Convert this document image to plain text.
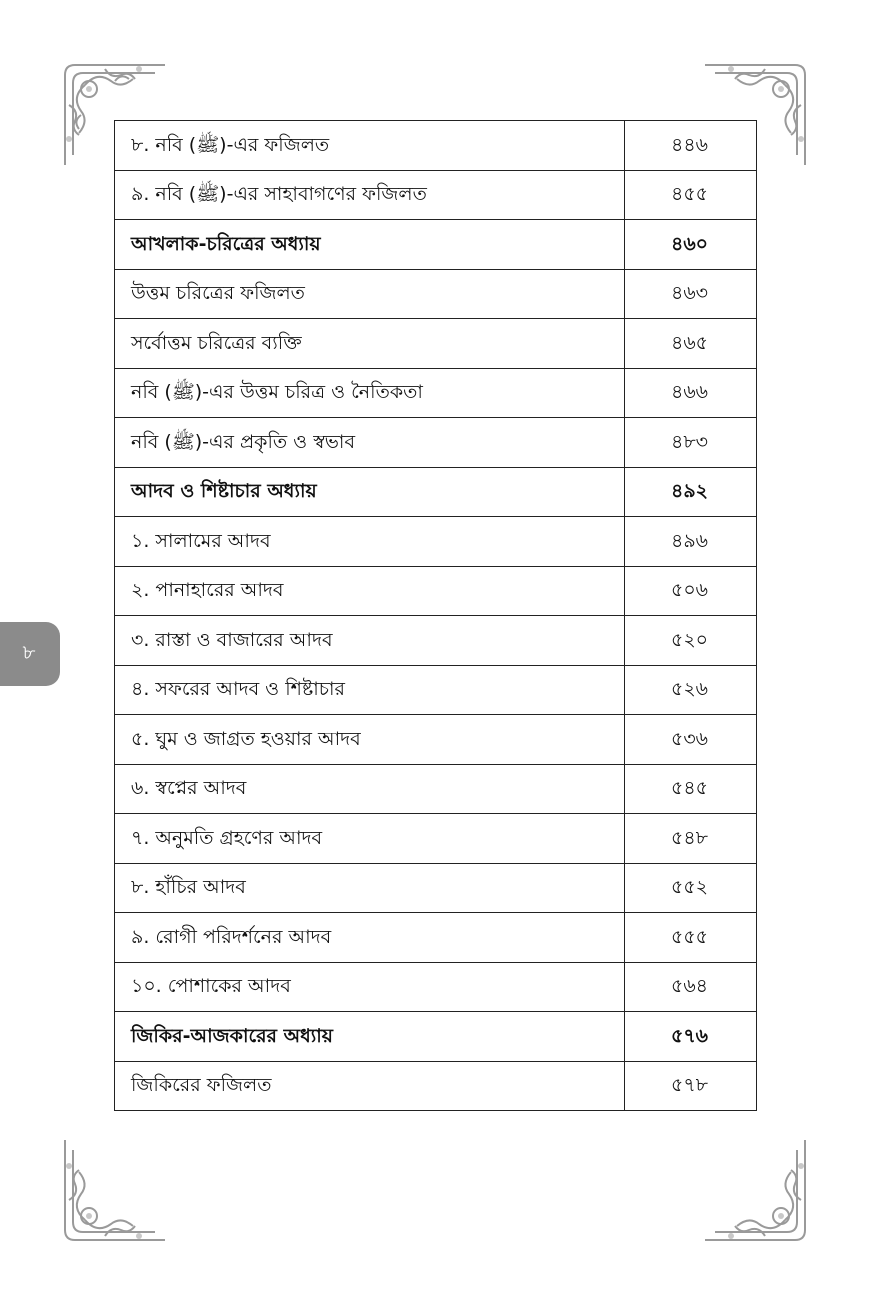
৮
৮. নবি (ﷺ)-এর ফজিলত	৪৪৬
৯. নবি (ﷺ)-এর সাহাবাগণের ফজিলত	৪৫৫
আখলাক-চরিত্রের অধ্যায়	৪৬০
উত্তম চরিত্রের ফজিলত	৪৬৩
সর্বোত্তম চরিত্রের ব্যক্তি	৪৬৫
নবি (ﷺ)-এর উত্তম চরিত্র ও নৈতিকতা	৪৬৬
নবি (ﷺ)-এর প্রকৃতি ও স্বভাব	৪৮৩
আদব ও শিষ্টাচার অধ্যায়	৪৯২
১. সালামের আদব	৪৯৬
২. পানাহারের আদব	৫০৬
৩. রাস্তা ও বাজারের আদব	৫২০
৪. সফরের আদব ও শিষ্টাচার	৫২৬
৫. ঘুম ও জাগ্রত হওয়ার আদব	৫৩৬
৬. স্বপ্নের আদব	৫৪৫
৭. অনুমতি গ্রহণের আদব	৫৪৮
৮. হাঁচির আদব	৫৫২
৯. রোগী পরিদর্শনের আদব	৫৫৫
১০. পোশাকের আদব	৫৬৪
জিকির-আজকারের অধ্যায়	৫৭৬
জিকিরের ফজিলত	৫৭৮
